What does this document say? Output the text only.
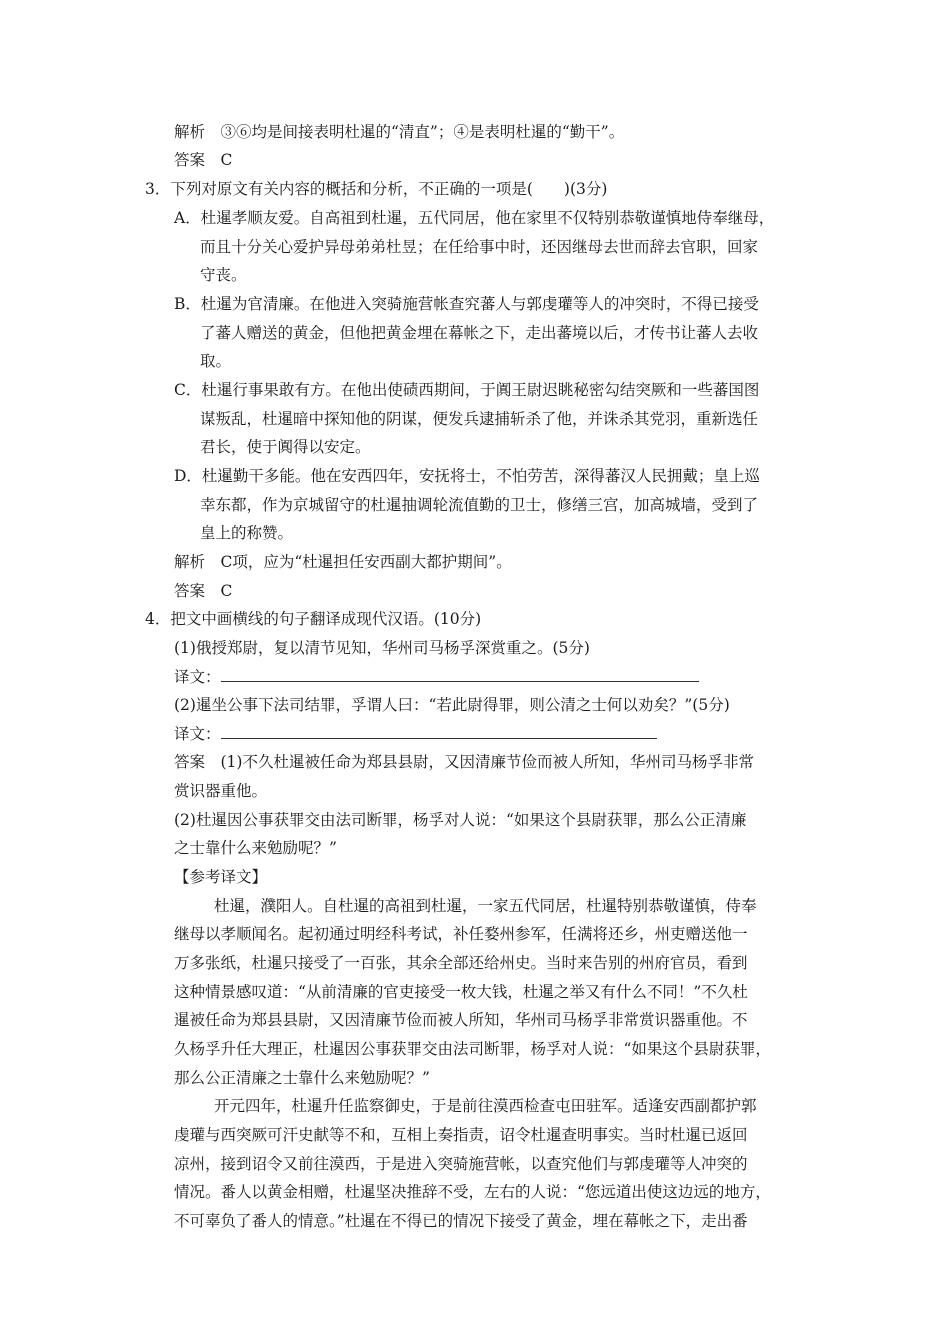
解析　③⑥均是间接表明杜暹的“清直”；④是表明杜暹的“勤干”。
答案　C
3．下列对原文有关内容的概括和分析，不正确的一项是(　　)(3分)
A．杜暹孝顺友爱。自高祖到杜暹，五代同居，他在家里不仅特别恭敬谨慎地侍奉继母，
而且十分关心爱护异母弟弟杜昱；在任给事中时，还因继母去世而辞去官职，回家
守丧。
B．杜暹为官清廉。在他进入突骑施营帐查究蕃人与郭虔瓘等人的冲突时，不得已接受
了蕃人赠送的黄金，但他把黄金埋在幕帐之下，走出蕃境以后，才传书让蕃人去收
取。
C．杜暹行事果敢有方。在他出使碛西期间，于阗王尉迟眺秘密勾结突厥和一些蕃国图
谋叛乱，杜暹暗中探知他的阴谋，便发兵逮捕斩杀了他，并诛杀其党羽，重新选任
君长，使于阗得以安定。
D．杜暹勤干多能。他在安西四年，安抚将士，不怕劳苦，深得蕃汉人民拥戴；皇上巡
幸东都，作为京城留守的杜暹抽调轮流值勤的卫士，修缮三宫，加高城墙，受到了
皇上的称赞。
解析　C项，应为“杜暹担任安西副大都护期间”。
答案　C
4．把文中画横线的句子翻译成现代汉语。(10分)
(1)俄授郑尉，复以清节见知，华州司马杨孚深赏重之。(5分)
译文：
(2)暹坐公事下法司结罪，孚谓人曰：“若此尉得罪，则公清之士何以劝矣？”(5分)
译文：
答案　(1)不久杜暹被任命为郑县县尉，又因清廉节俭而被人所知，华州司马杨孚非常
赏识器重他。
(2)杜暹因公事获罪交由法司断罪，杨孚对人说：“如果这个县尉获罪，那么公正清廉
之士靠什么来勉励呢？”
【参考译文】
杜暹，濮阳人。自杜暹的高祖到杜暹，一家五代同居，杜暹特别恭敬谨慎，侍奉
继母以孝顺闻名。起初通过明经科考试，补任婺州参军，任满将还乡，州吏赠送他一
万多张纸，杜暹只接受了一百张，其余全部还给州史。当时来告别的州府官员，看到
这种情景感叹道：“从前清廉的官吏接受一枚大钱，杜暹之举又有什么不同！”不久杜
暹被任命为郑县县尉，又因清廉节俭而被人所知，华州司马杨孚非常赏识器重他。不
久杨孚升任大理正，杜暹因公事获罪交由法司断罪，杨孚对人说：“如果这个县尉获罪，
那么公正清廉之士靠什么来勉励呢？”
开元四年，杜暹升任监察御史，于是前往漠西检查屯田驻军。适逢安西副都护郭
虔瓘与西突厥可汗史献等不和，互相上奏指责，诏令杜暹查明事实。当时杜暹已返回
凉州，接到诏令又前往漠西，于是进入突骑施营帐，以查究他们与郭虔瓘等人冲突的
情况。番人以黄金相赠，杜暹坚决推辞不受，左右的人说：“您远道出使这边远的地方，
不可辜负了番人的情意。”杜暹在不得已的情况下接受了黄金，埋在幕帐之下，走出番
